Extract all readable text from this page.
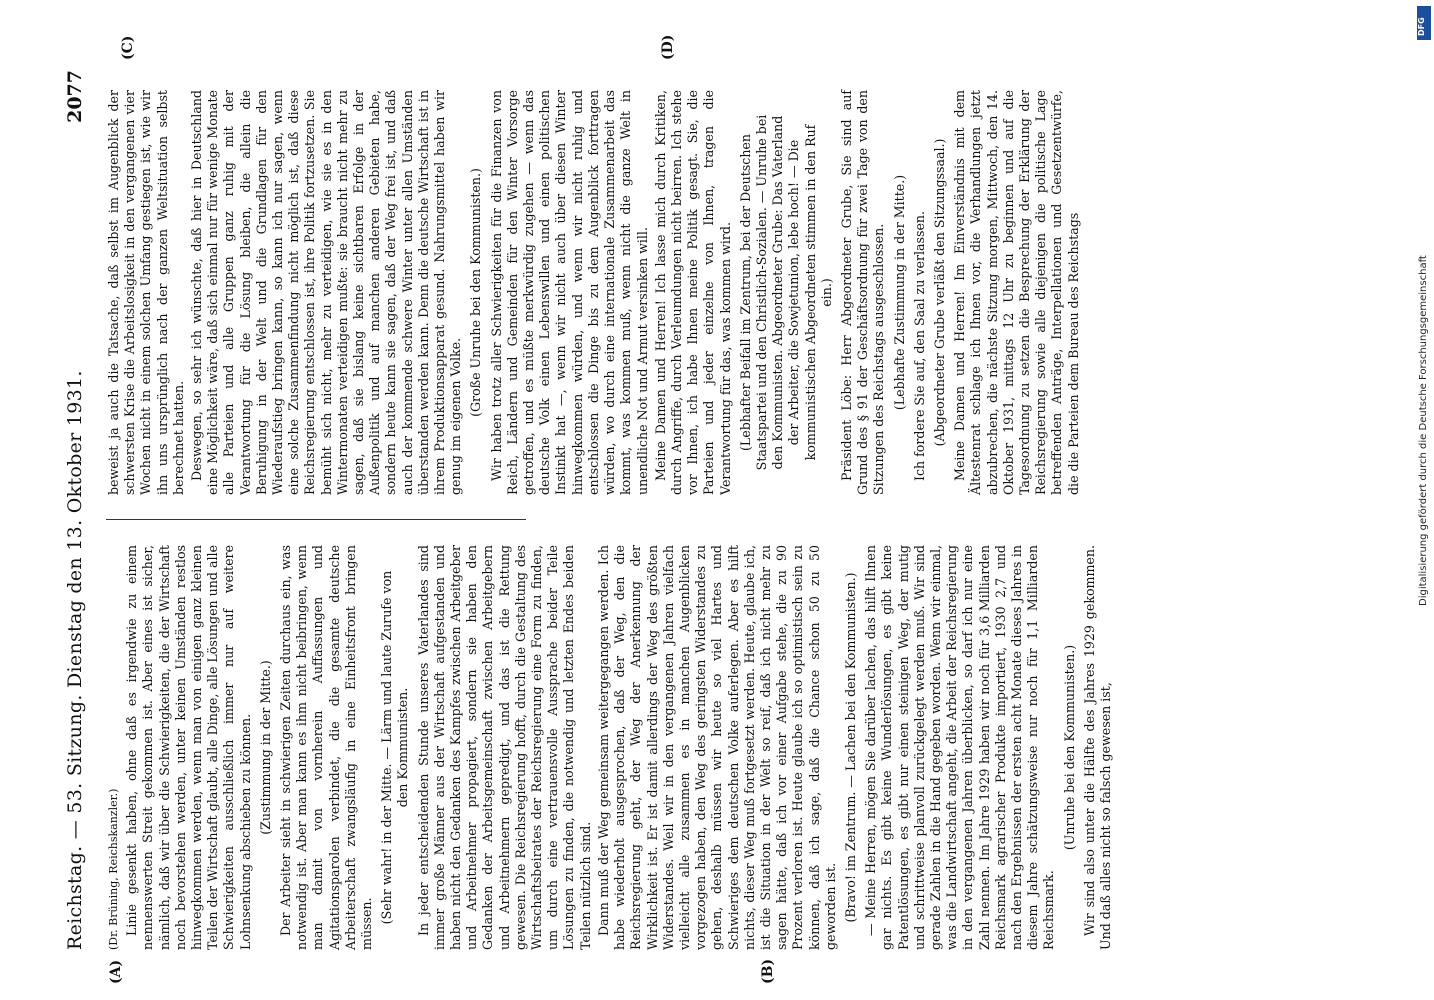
Reichstag. — 53. Sitzung. Dienstag den 13. Oktober 1931.
2077
(A)	(B)
(C)	(D)

(Dr. Brüning, Reichskanzler.) Linie gesenkt haben, ohne daß es irgendwie zu einem nennenswerten Streit gekommen ist. Aber eines ist sicher, nämlich, daß wir über die Schwierigkeiten, die der Wirtschaft noch bevorstehen werden, unter keinen Umständen restlos hinwegkommen werden, wenn man von einigen ganz kleinen Teilen der Wirtschaft glaubt, alle Dinge, alle Lösungen und alle Schwierigkeiten ausschließlich immer nur auf weitere Lohnsenkung abschieben zu können. (Zustimmung in der Mitte.) Der Arbeiter sieht in schwierigen Zeiten durchaus ein, was notwendig ist. Aber man kann es ihm nicht beibringen, wenn man damit von vornherein Auffassungen und Agitationsparolen verbindet, die die gesamte deutsche Arbeiterschaft zwangsläufig in eine Einheitsfront bringen müssen. (Sehr wahr! in der Mitte. — Lärm und laute Zurufe von den Kommunisten. In jeder entscheidenden Stunde unseres Vaterlandes sind immer große Männer aus der Wirtschaft aufgestanden und haben nicht den Gedanken des Kampfes zwischen Arbeitgeber und Arbeitnehmer propagiert, sondern sie haben den Gedanken der Arbeitsgemeinschaft zwischen Arbeitgebern und Arbeitnehmern gepredigt, und das ist die Rettung gewesen. Die Reichsregierung hofft, durch die Gestaltung des Wirtschaftsbeirates der Reichsregierung eine Form zu finden, um durch eine vertrauensvolle Aussprache beider Teile Lösungen zu finden, die notwendig und letzten Endes beiden Teilen nützlich sind. Dann muß der Weg gemeinsam weitergegangen werden. Ich habe wiederholt ausgesprochen, daß der Weg, den die Reichsregierung geht, der Weg der Anerkennung der Wirklichkeit ist. Er ist damit allerdings der Weg des größten Widerstandes. Weil wir in den vergangenen Jahren vielfach vielleicht alle zusammen es in manchen Augenblicken vorgezogen haben, den Weg des geringsten Widerstandes zu gehen, deshalb müssen wir heute so viel Hartes und Schwieriges dem deutschen Volke auferlegen. Aber es hilft nichts, dieser Weg muß fortgesetzt werden. Heute, glaube ich, ist die Situation in der Welt so reif, daß ich nicht mehr zu sagen hätte, daß ich vor einer Aufgabe stehe, die zu 90 Prozent verloren ist. Heute glaube ich so optimistisch sein zu können, daß ich sage, daß die Chance schon 50 zu 50 geworden ist. (Bravo! im Zentrum. — Lachen bei den Kommunisten.) — Meine Herren, mögen Sie darüber lachen, das hilft Ihnen gar nichts. Es gibt keine Wunderlösungen, es gibt keine Patentlösungen, es gibt nur einen steinigen Weg, der mutig und schrittweise planvoll zurückgelegt werden muß. Wir sind gerade Zahlen in die Hand gegeben worden. Wenn wir einmal, was die Landwirtschaft angeht, die Arbeit der Reichsregierung in den vergangenen Jahren überblicken, so darf ich nur eine Zahl nennen. Im Jahre 1929 haben wir noch für 3,6 Milliarden Reichsmark agrarischer Produkte importiert, 1930 2,7 und nach den Ergebnissen der ersten acht Monate dieses Jahres in diesem Jahre schätzungsweise nur noch für 1,1 Milliarden Reichsmark.

(Unruhe bei den Kommunisten.) Wir sind also unter die Hälfte des Jahres 1929 gekommen. Und daß alles nicht so falsch gewesen ist,

beweist ja auch die Tatsache, daß selbst im Augenblick der schwersten Krise die Arbeitslosigkeit in den vergangenen vier Wochen nicht in einem solchen Umfang gestiegen ist, wie wir ihn uns ursprünglich nach der ganzen Weltsituation selbst berechnet hatten. Deswegen, so sehr ich wünschte, daß hier in Deutschland eine Möglichkeit wäre, daß sich einmal nur für wenige Monate alle Parteien und alle Gruppen ganz ruhig mit der Verantwortung für die Lösung bleiben, die allein die Beruhigung in der Welt und die Grundlagen für den Wiederaufstieg bringen kann, so kann ich nur sagen, wenn eine solche Zusammenfindung nicht möglich ist, daß diese Reichsregierung entschlossen ist, ihre Politik fortzusetzen. Sie bemüht sich nicht, mehr zu verteidigen, wie sie es in den Wintermonaten verteidigen mußte: sie braucht nicht mehr zu sagen, daß sie bislang keine sichtbaren Erfolge in der Außenpolitik und auf manchen anderen Gebieten habe, sondern heute kann sie sagen, daß der Weg frei ist, und daß auch der kommende schwere Winter unter allen Umständen überstanden werden kann. Denn die deutsche Wirtschaft ist in ihrem Produktionsapparat gesund. Nahrungsmittel haben wir genug im eigenen Volke. (Große Unruhe bei den Kommunisten.) Wir haben trotz aller Schwierigkeiten für die Finanzen von Reich, Ländern und Gemeinden für den Winter Vorsorge getroffen, und es müßte merkwürdig zugehen — wenn das deutsche Volk einen Lebenswillen und einen politischen Instinkt hat —, wenn wir nicht auch über diesen Winter hinwegkommen würden, und wenn wir nicht ruhig und entschlossen die Dinge bis zu dem Augenblick forttragen würden, wo durch eine internationale Zusammenarbeit das kommt, was kommen muß, wenn nicht die ganze Welt in unendliche Not und Armut versinken will. Meine Damen und Herren! Ich lasse mich durch Kritiken, durch Angriffe, durch Verleumdungen nicht beirren. Ich stehe vor Ihnen, ich habe Ihnen meine Politik gesagt. Sie, die Parteien und jeder einzelne von Ihnen, tragen die Verantwortung für das, was kommen wird. (Lebhafter Beifall im Zentrum, bei der Deutschen Staatspartei und den Christlich-Sozialen. — Unruhe bei den Kommunisten. Abgeordneter Grube: Das Vaterland der Arbeiter, die Sowjetunion, lebe hoch! — Die kommunistischen Abgeordneten stimmen in den Ruf ein.) Präsident Löbe: Herr Abgeordneter Grube, Sie sind auf Grund des § 91 der Geschäftsordnung für zwei Tage von den Sitzungen des Reichstags ausgeschlossen. (Lebhafte Zustimmung in der Mitte.) Ich fordere Sie auf, den Saal zu verlassen. (Abgeordneter Grube verläßt den Sitzungssaal.) Meine Damen und Herren! Im Einverständnis mit dem Ältestenrat schlage ich Ihnen vor, die Verhandlungen jetzt abzubrechen, die nächste Sitzung morgen, Mittwoch, den 14. Oktober 1931, mittags 12 Uhr zu beginnen und auf die Tagesordnung zu setzen die Besprechung der Erklärung der Reichsregierung sowie alle diejenigen die politische Lage betreffenden Anträge, Interpellationen und Gesetzentwürfe, die die Parteien dem Bureau des Reichstags

DFG
Digitalisierung gefördert durch die Deutsche Forschungsgemeinschaft
